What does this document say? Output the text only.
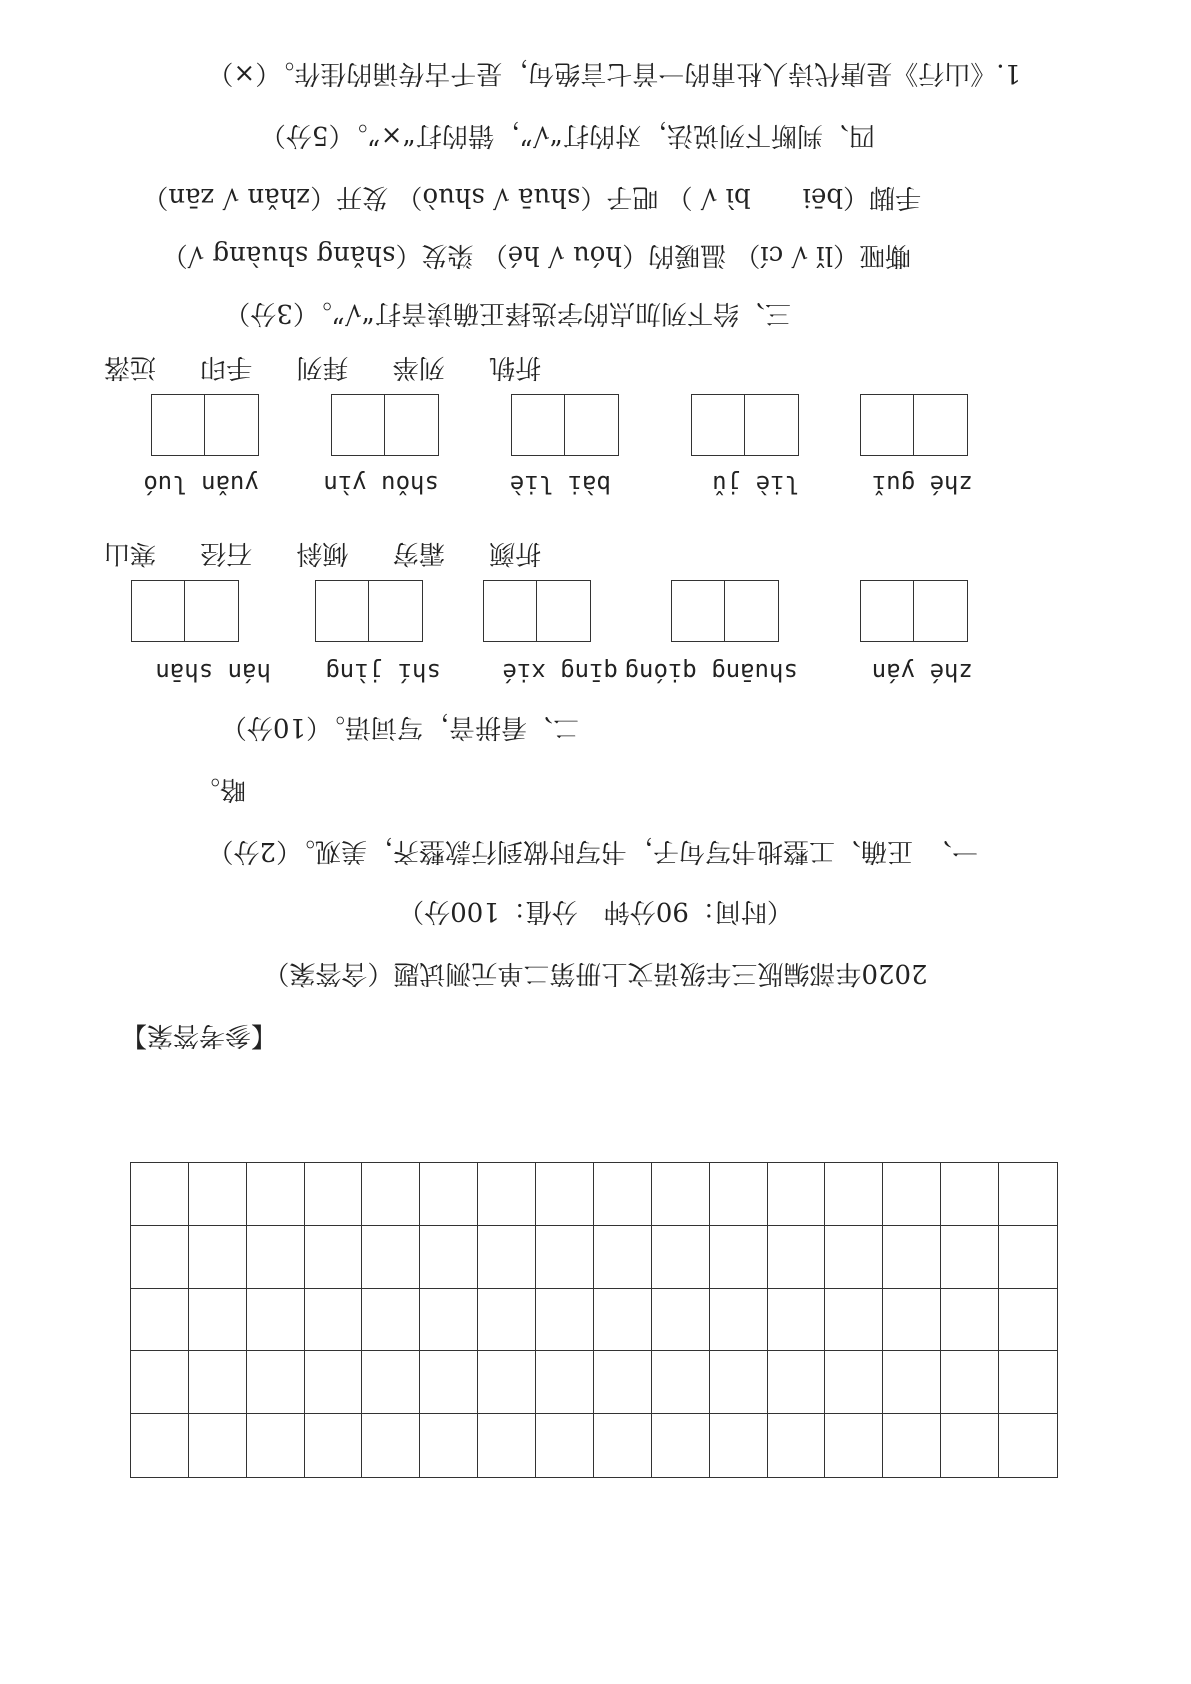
【参考答案】
2020年部编版三年级语文上册第二单元测试题（含答案）
（时间：90分钟　分值：100分）
一、　正确、工整地书写句子，书写时做到行款整齐，美观。（2分）
略。
二、看拼音，写词语。（10分）
zhé yán
shuāng qióng
qīng xié
shí jìng
hán shān
折颜 霜穷 倾斜 石径 寒山
zhé guǐ
liè jǔ
bài liè
shǒu yìn
yuǎn luó
折轨 列举 拜列 手印 远落
三、给下列加点的字选择正确读音打“√”。（3分）
嘶哑（lǐ √ cí） 温暖的（hóu √ hé） 染发（shǎng shuàng √）
手脚（bēi　　bì √ ） 吧子（shuā √ shuò） 发开（zhǎn √ zān）
四、判断下列说法，对的打“√”，错的打“×”。（5分）
1.《山行》是唐代诗人杜甫的一首七言绝句，是千古传诵的佳作。（×）
